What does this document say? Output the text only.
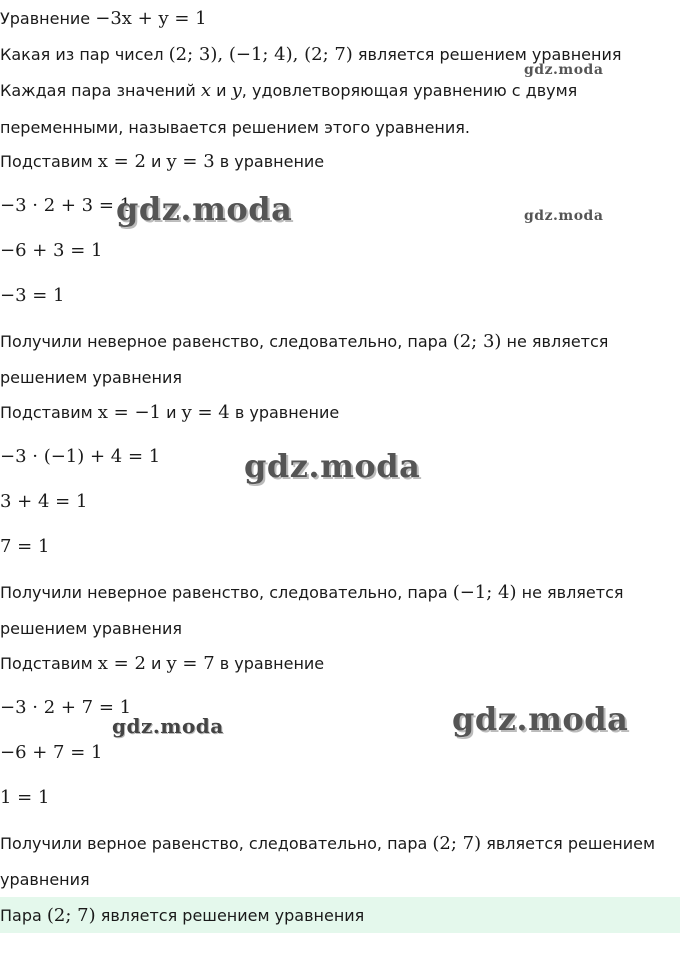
Уравнение −3x + y = 1
Какая из пар чисел (2; 3), (−1; 4), (2; 7) является решением уравнения
Каждая пара значений x и y, удовлетворяющая уравнению с двумя
переменными, называется решением этого уравнения.
Подставим x = 2 и y = 3 в уравнение
−3 · 2 + 3 = 1
−6 + 3 = 1
−3 = 1
Получили неверное равенство, следовательно, пара (2; 3) не является
решением уравнения
Подставим x = −1 и y = 4 в уравнение
−3 · (−1) + 4 = 1
3 + 4 = 1
7 = 1
Получили неверное равенство, следовательно, пара (−1; 4) не является
решением уравнения
Подставим x = 2 и y = 7 в уравнение
−3 · 2 + 7 = 1
−6 + 7 = 1
1 = 1
Получили верное равенство, следовательно, пара (2; 7) является решением
уравнения
Пара (2; 7) является решением уравнения
gdz.moda
gdz.moda	gdz.moda
gdz.moda
gdz.moda
gdz.moda
